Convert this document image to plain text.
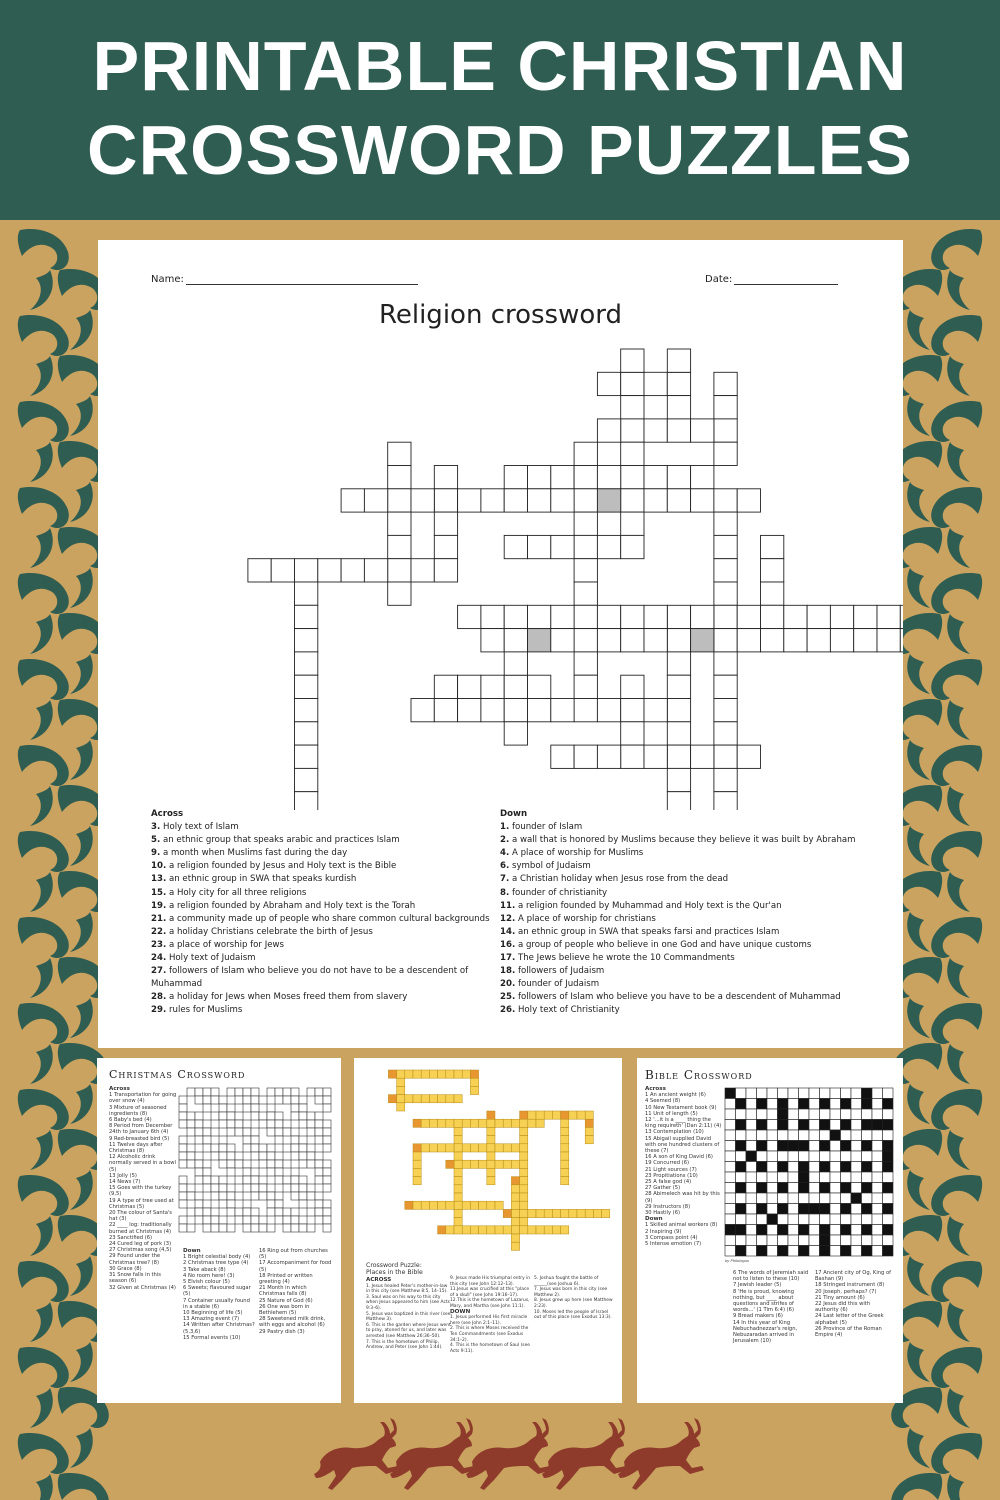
PRINTABLE CHRISTIAN
CROSSWORD PUZZLES
Name:	Date:
Religion crossword
Across
3. Holy text of Islam
5. an ethnic group that speaks arabic and practices Islam
9. a month when Muslims fast during the day
10. a religion founded by Jesus and Holy text is the Bible
13. an ethnic group in SWA that speaks kurdish
15. a Holy city for all three religions
19. a religion founded by Abraham and Holy text is the Torah
21. a community made up of people who share common cultural backgrounds
22. a holiday Christians celebrate the birth of Jesus
23. a place of worship for Jews
24. Holy text of Judaism
27. followers of Islam who believe you do not have to be a descendent of Muhammad
28. a holiday for Jews when Moses freed them from slavery
29. rules for Muslims
Down
1. founder of Islam
2. a wall that is honored by Muslims because they believe it was built by Abraham
4. A place of worship for Muslims
6. symbol of Judaism
7. a Christian holiday when Jesus rose from the dead
8. founder of christianity
11. a religion founded by Muhammad and Holy text is the Qur'an
12. A place of worship for christians
14. an ethnic group in SWA that speaks farsi and practices Islam
16. a group of people who believe in one God and have unique customs
17. The Jews believe he wrote the 10 Commandments
18. followers of Judaism
20. founder of Judaism
25. followers of Islam who believe you have to be a descendent of Muhammad
26. Holy text of Christianity
Christmas Crossword
Across
1 Transportation for going over snow (4)
3 Mixture of seasoned ingredients (8)
6 Baby's bed (4)
8 Period from December 24th to January 6th (4)
9 Red-breasted bird (5)
11 Twelve days after Christmas (8)
12 Alcoholic drink normally served in a bowl (5)
13 Jolly (5)
14 News (7)
15 Goes with the turkey (9,5)
19 A type of tree used at Christmas (5)
20 The colour of Santa's hat (3)
22 ____ log: traditionally burned at Christmas (4)
23 Sanctified (6)
24 Cured leg of pork (3)
27 Christmas song (4,5)
29 Found under the Christmas tree? (8)
30 Grace (8)
31 Snow falls in this season (6)
32 Given at Christmas (4)
Down
1 Bright celestial body (4)
2 Christmas tree type (4)
3 Take aback (8)
4 No room here! (3)
5 Elvish colour (5)
6 Sweets; flavoured sugar (5)
7 Container usually found in a stable (6)
10 Beginning of life (5)
13 Amazing event (7)
14 Written after Christmas? (5,3,6)
15 Formal events (10)
16 Ring out from churches (5)
17 Accompaniment for food (5)
18 Printed or written greeting (4)
21 Month in which Christmas falls (8)
25 Nature of God (6)
26 One was born in Bethlehem (5)
28 Sweetened milk drink, with eggs and alcohol (6)
29 Pastry dish (3)
Crossword Puzzle:
Places in the Bible
ACROSS
1. Jesus healed Peter's mother-in-law in this city (see Matthew 8:5, 14–15).
3. Saul was on his way to this city when Jesus appeared to him (see Acts 9:3–6).
5. Jesus was baptized in this river (see Matthew 3).
6. This is the garden where Jesus went to pray, atoned for us, and later was arrested (see Matthew 26:36–50).
7. This is the hometown of Philip, Andrew, and Peter (see John 1:44).
9. Jesus made His triumphal entry in this city (see John 12:12–13).
11.Jesus was crucified at this "place of a skull" (see John 19:16–17).
12.This is the hometown of Lazarus, Mary, and Martha (see John 11:1).
DOWN
1. Jesus performed His first miracle here (see John 2:1–11).
2. This is where Moses received the Ten Commandments (see Exodus 34:1–2).
4. This is the hometown of Saul (see Acts 9:11).
5. Joshua fought the battle of ______(see Joshua 6).
7. Jesus was born in this city (see Matthew 2).
8. Jesus grew up here (see Matthew 2:23).
10. Moses led the people of Israel out of this place (see Exodus 13:3).
Bible Crossword
by Philologus
Across
1 An ancient weight (6)
4 Seemed (8)
10 New Testament book (9)
11 Unit of length (5)
12 '...it is a ____ thing the king requireth' (Dan 2:11) (4)
13 Contemplation (10)
15 Abigail supplied David with one hundred clusters of these (7)
16 A son of King David (6)
19 Concurred (6)
21 Light sources (7)
23 Propitiations (10)
25 A false god (4)
27 Gather (5)
28 Abimelech was hit by this (9)
29 Instructors (8)
30 Hastily (6)
Down
1 Skilled animal workers (8)
2 Inspiring (9)
3 Compass point (4)
5 Intense emotion (7)
6 The words of Jeremiah said not to listen to these (10)
7 Jewish leader (5)
8 'He is proud, knowing nothing, but ____ about questions and strifes of words...' (1 Tim 6:4) (6)
9 Bread makers (6)
14 In this year of King Nebuchadnezzar's reign, Nebuzaradan arrived in Jerusalem (10)
17 Ancient city of Og, King of Bashan (9)
18 Stringed instrument (8)
20 Joseph, perhaps? (7)
21 Tiny amount (6)
22 Jesus did this with authority (6)
24 Last letter of the Greek alphabet (5)
26 Province of the Roman Empire (4)
